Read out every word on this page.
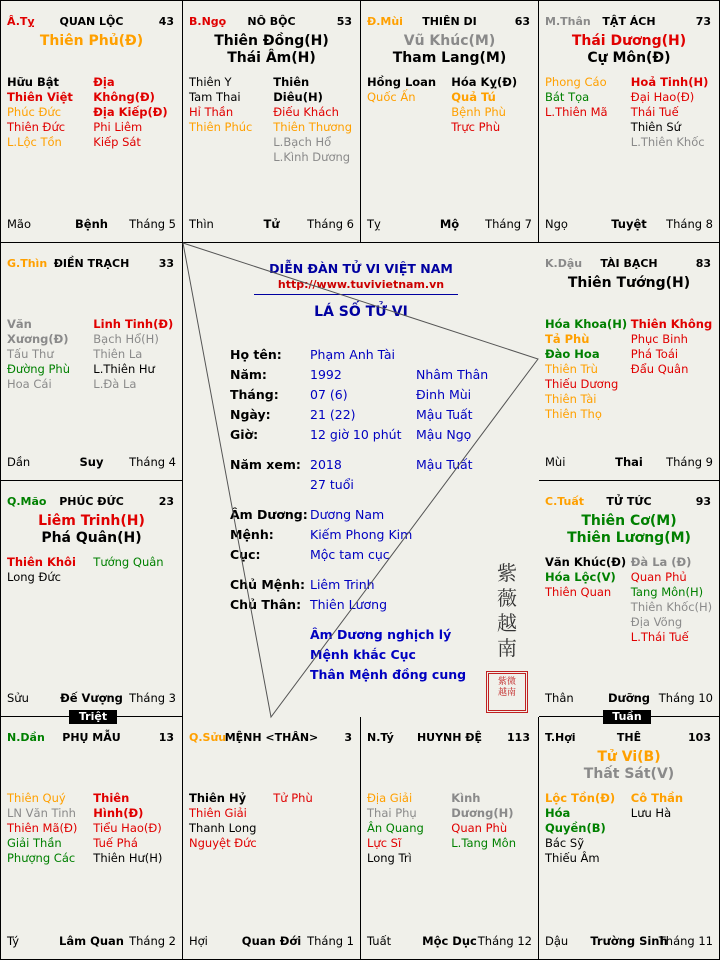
Â.Tỵ	QUAN LỘC	43
Thiên Phủ(Đ)
Hữu Bật
Thiên Việt
Phúc Đức
Thiên Đức
L.Lộc Tồn
Địa Không(Đ)
Địa Kiếp(Đ)
Phi Liêm
Kiếp Sát
Mão	Bệnh	Tháng 5
B.Ngọ	NÔ BỘC	53
Thiên Đồng(H)
Thái Âm(H)
Thiên Y
Tam Thai
Hỉ Thần
Thiên Phúc
Thiên Diêu(H)
Điếu Khách
Thiên Thương
L.Bạch Hổ
L.Kình Dương
Thìn	Tử	Tháng 6
Đ.Mùi	THIÊN DI	63
Vũ Khúc(M)
Tham Lang(M)
Hồng Loan
Quốc Ấn
Hóa Kỵ(Đ)
Quả Tú
Bệnh Phù
Trực Phù
Tỵ	Mộ	Tháng 7
M.Thân	TẬT ÁCH	73
Thái Dương(H)
Cự Môn(Đ)
Phong Cáo
Bát Tọa
L.Thiên Mã
Hoả Tinh(H)
Đại Hao(Đ)
Thái Tuế
Thiên Sứ
L.Thiên Khốc
Ngọ	Tuyệt	Tháng 8
G.Thìn ĐIỀN TRẠCH	33
Văn Xương(Đ)
Tấu Thư
Đường Phù
Hoa Cái
Linh Tinh(Đ)
Bạch Hổ(H)
Thiên La
L.Thiên Hư
L.Đà La
Dần	Suy	Tháng 4
K.Dậu	TÀI BẠCH	83
Thiên Tướng(H)
Hóa Khoa(H)
Tả Phù
Đào Hoa
Thiên Trù
Thiếu Dương
Thiên Tài
Thiên Thọ
Thiên Không
Phục Binh
Phá Toái
Đẩu Quân
Mùi	Thai	Tháng 9
Q.Mão	PHÚC ĐỨC	23
Liêm Trinh(H)
Phá Quân(H)
Thiên Khôi
Long Đức
Tướng Quân
Sửu	Đế Vượng Tháng 3
C.Tuất	TỬ TỨC	93
Thiên Cơ(M)
Thiên Lương(M)
Văn Khúc(Đ)
Hóa Lộc(V)
Thiên Quan
Đà La (Đ)
Quan Phủ
Tang Môn(H)
Thiên Khốc(H)
Địa Võng
L.Thái Tuế
Thân	Dưỡng Tháng 10
N.Dần	PHỤ MẪU	13
Thiên Quý
LN Văn Tinh
Thiên Mã(Đ)
Giải Thần
Phượng Các
Thiên Hình(Đ)
Tiểu Hao(Đ)
Tuế Phá
Thiên Hư(H)
Tý	Lâm Quan Tháng 2
Q.Sửu
MỆNH <THÂN>	3
Thiên Hỷ
Thiên Giải
Thanh Long
Nguyệt Đức
Tử Phù
Hợi	Quan Đới Tháng 1
N.Tý	HUYNH ĐỆ	113
Địa Giải
Thai Phụ
Ân Quang
Lực Sĩ
Long Trì
Kình Dương(H)
Quan Phù
L.Tang Môn
Tuất	Mộc Dục Tháng 12
T.Hợi	THÊ	103
Tử Vi(B)
Thất Sát(V)
Lộc Tồn(Đ)
Hóa Quyền(B)
Bác Sỹ
Thiếu Âm
Cô Thần
Lưu Hà
Dậu	Trường Sinh
Tháng 11
DIỄN ĐÀN TỬ VI VIỆT NAM
http://www.tuvivietnam.vn
LÁ SỐ TỬ VI
Họ tên:	Phạm Anh Tài
Năm:	1992	Nhâm Thân
Tháng:	07 (6)	Đinh Mùi
Ngày:	21 (22)	Mậu Tuất
Giờ:	12 giờ 10 phút Mậu Ngọ
Năm xem: 2018	Mậu Tuất
27 tuổi
Âm Dương: Dương Nam
Mệnh:	Kiếm Phong Kim
Cục:	Mộc tam cục
Chủ Mệnh: Liêm Trinh
Chủ Thân: Thiên Lương
Âm Dương nghịch lý
Mệnh khắc Cục
Thân Mệnh đồng cung
紫
薇
越
南
紫微
越南
Triệt	Tuần
